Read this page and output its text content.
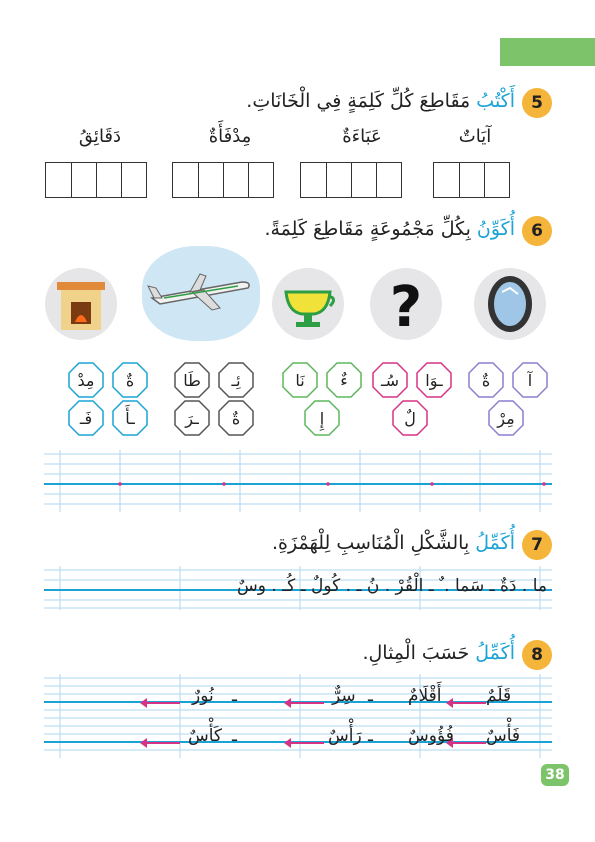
5
أَكْتُبُ مَقَاطِعَ كُلِّ كَلِمَةٍ فِي الْخَانَاتِ.
آيَاتٌ
عَبَاءَةٌ
مِدْفَأَةٌ
دَقَائِقُ
6
أُكَوِّنُ بِكُلِّ مَجْمُوعَةٍ مَقَاطِعَ كَلِمَةً.
?
آ
ةٌ
مِرْ
ـوَا
سُـ
لٌ
ءٌ
نَا
إِ
ئِـ
طَا
ةٌ
ـرَ
ةٌ
مِدْ
ـأَ
فَـ
7
أُكَمِّلُ بِالشَّكْلِ الْمُنَاسِبِ لِلْهَمْزَةِ.
ما . دَةٌ ـ سَما . ٌ ـ الْقُرْ . نُ ـ . كُولٌ ـ كُـ . وسٌ
8
أُكَمِّلُ حَسَبَ الْمِثالِ.
قَلَمٌ
أَقْلَامٌ
ـ
سِرٌّ
ـ
نُورٌ
فَأْسٌ
فُؤُوسٌ
ـ
رَأْسٌ
ـ
كَأْسٌ
38
